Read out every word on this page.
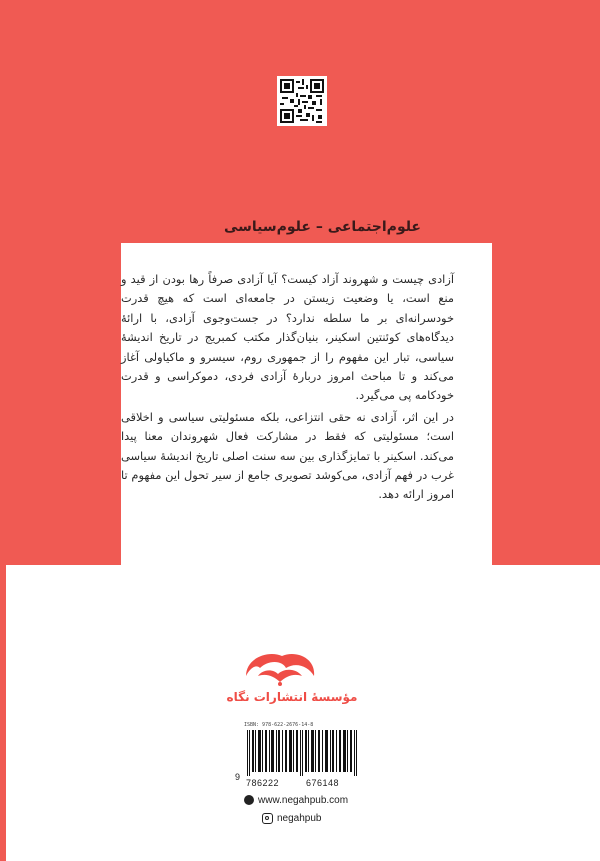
علوم‌اجتماعی – علوم‌سیاسی

آزادی چیست و شهروند آزاد کیست؟ آیا آزادی صرفاً رها بودن از قید و منع است، یا وضعیت زیستن در جامعه‌ای است که هیچ قدرت خودسرانه‌ای بر ما سلطه ندارد؟ در جست‌وجوی آزادی، با ارائهٔ دیدگاه‌های کوئنتین اسکینر، بنیان‌گذار مکتب کمبریج در تاریخ اندیشهٔ سیاسی، تبار این مفهوم را از جمهوری روم، سیسرو و ماکیاولی آغاز می‌کند و تا مباحث امروز دربارهٔ آزادی فردی، دموکراسی و قدرت خودکامه پی می‌گیرد.

در این اثر، آزادی نه حقی انتزاعی، بلکه مسئولیتی سیاسی و اخلاقی است؛ مسئولیتی که فقط در مشارکت فعال شهروندان معنا پیدا می‌کند. اسکینر با تمایزگذاری بین سه سنت اصلی تاریخ اندیشهٔ سیاسی غرب در فهم آزادی، می‌کوشد تصویری جامع از سیر تحول این مفهوم تا امروز ارائه دهد.

مؤسسهٔ انتشارات نگاه
ISBN: 978-622-2676-14-8
9
786222	676148
www.negahpub.com
negahpub
